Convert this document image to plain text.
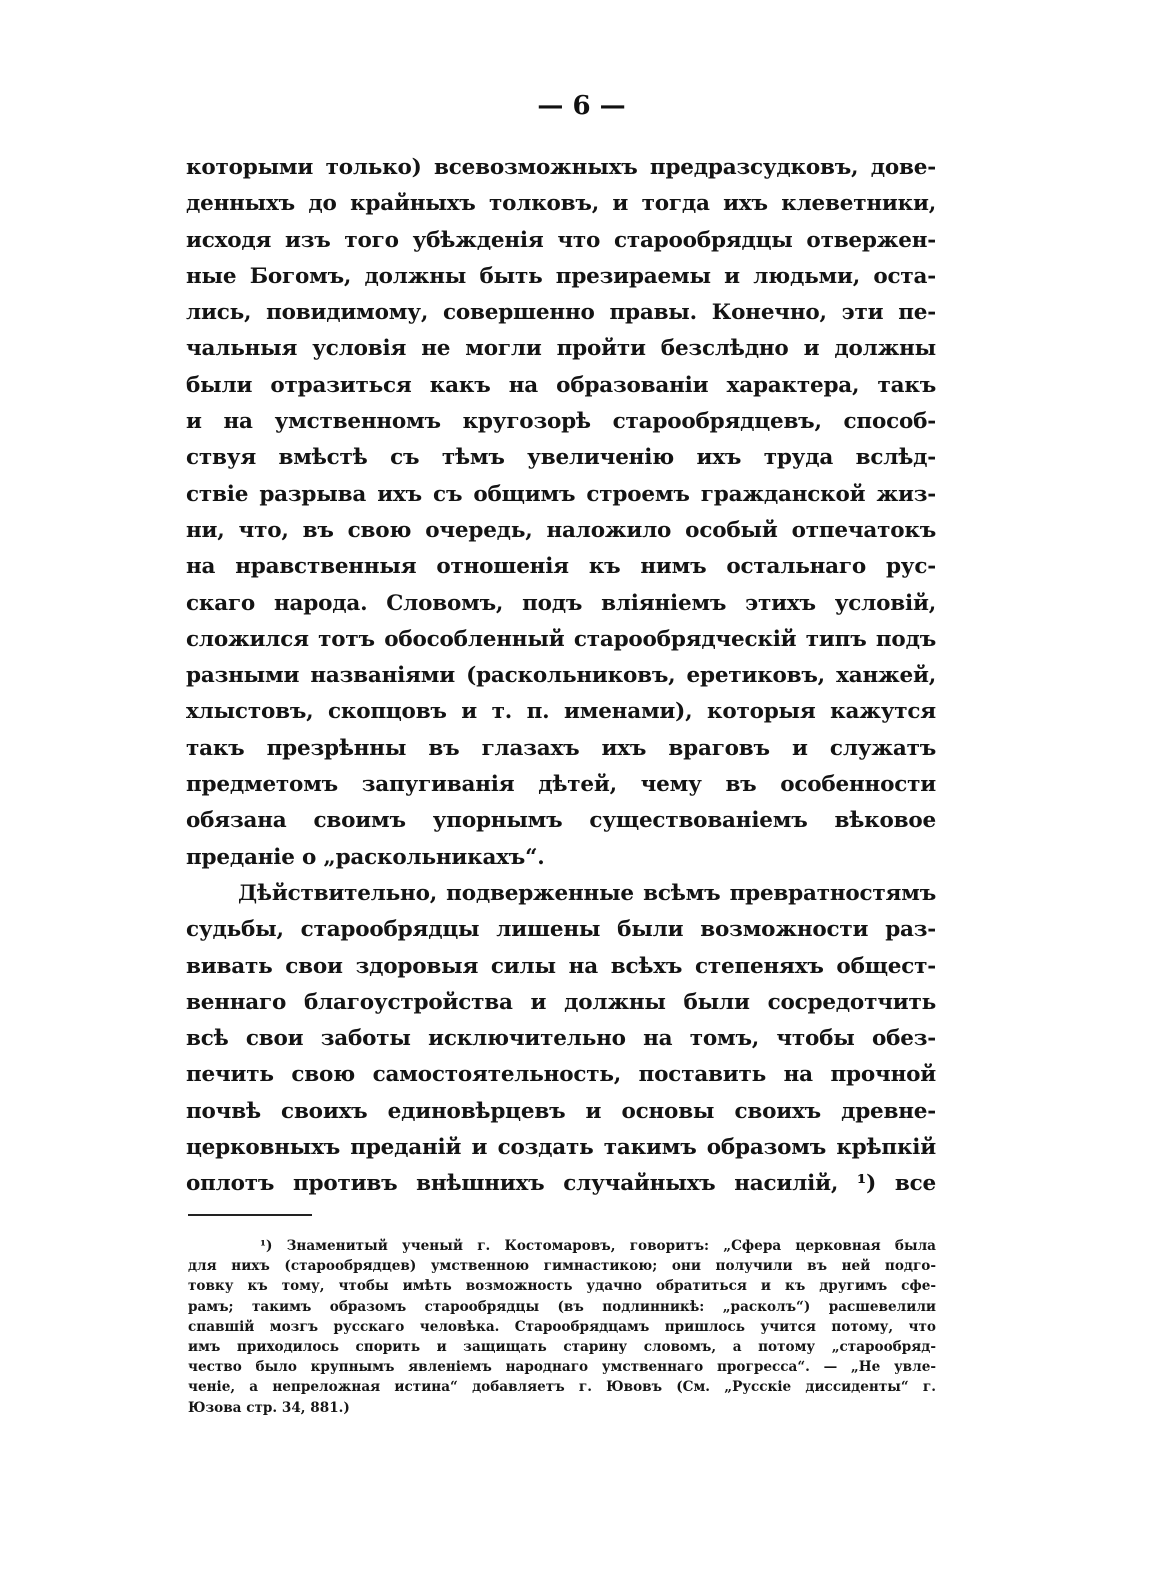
— 6 —
которыми только) всевозможныхъ предразсудковъ, дове-
денныхъ до крайныхъ толковъ, и тогда ихъ клеветники,
исходя изъ того убѣжденія что старообрядцы отвержен-
ные Богомъ, должны быть презираемы и людьми, оста-
лись, повидимому, совершенно правы. Конечно, эти пе-
чальныя условія не могли пройти безслѣдно и должны
были отразиться какъ на образованіи характера, такъ
и на умственномъ кругозорѣ старообрядцевъ, способ-
ствуя вмѣстѣ съ тѣмъ увеличенію ихъ труда вслѣд-
ствіе разрыва ихъ съ общимъ строемъ гражданской жиз-
ни, что, въ свою очередь, наложило особый отпечатокъ
на нравственныя отношенія къ нимъ остальнаго рус-
скаго народа. Словомъ, подъ вліяніемъ этихъ условій,
сложился тотъ обособленный старообрядческій типъ подъ
разными названіями (раскольниковъ, еретиковъ, ханжей,
хлыстовъ, скопцовъ и т. п. именами), которыя кажутся
такъ презрѣнны въ глазахъ ихъ враговъ и служатъ
предметомъ запугиванія дѣтей, чему въ особенности
обязана своимъ упорнымъ существованіемъ вѣковое
преданіе о „раскольникахъ“.
Дѣйствительно, подверженные всѣмъ превратностямъ
судьбы, старообрядцы лишены были возможности раз-
вивать свои здоровыя силы на всѣхъ степеняхъ общест-
веннаго благоустройства и должны были сосредотчить
всѣ свои заботы исключительно на томъ, чтобы обез-
печить свою самостоятельность, поставить на прочной
почвѣ своихъ единовѣрцевъ и основы своихъ древне-
церковныхъ преданій и создать такимъ образомъ крѣпкій
оплотъ противъ внѣшнихъ случайныхъ насилій, ¹) все
¹) Знаменитый ученый г. Костомаровъ, говоритъ: „Сфера церковная была
для нихъ (старообрядцев) умственною гимнастикою; они получили въ ней подго-
товку къ тому, чтобы имѣть возможность удачно обратиться и къ другимъ сфе-
рамъ; такимъ образомъ старообрядцы (въ подлинникѣ: „расколъ“) расшевелили
спавшій мозгъ русскаго человѣка. Старообрядцамъ пришлось учится потому, что
имъ приходилось спорить и защищать старину словомъ, а потому „старообряд-
чество было крупнымъ явленіемъ народнаго умственнаго прогресса“. — „Не увле-
ченіе, а непреложная истина“ добавляетъ г. Ювовъ (См. „Русскіе диссиденты“ г.
Юзова стр. 34, 881.)
